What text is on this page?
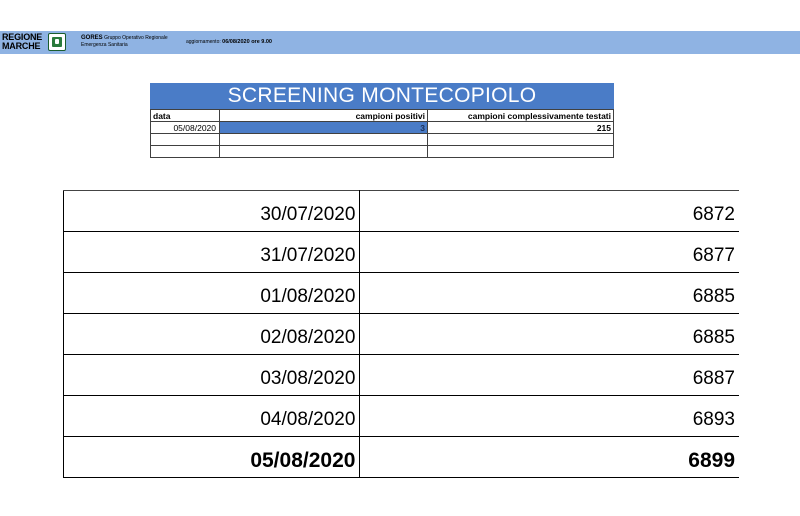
REGIONE
MARCHE
GORES Gruppo Operativo Regionale
Emergenza Sanitaria	aggiornamento: 06/08/2020 ore 9.00
SCREENING MONTECOPIOLO
data	campioni positivi	campioni complessivamente testati
05/08/2020	3	215

30/07/2020	6872
31/07/2020	6877
01/08/2020	6885
02/08/2020	6885
03/08/2020	6887
04/08/2020	6893
05/08/2020	6899
